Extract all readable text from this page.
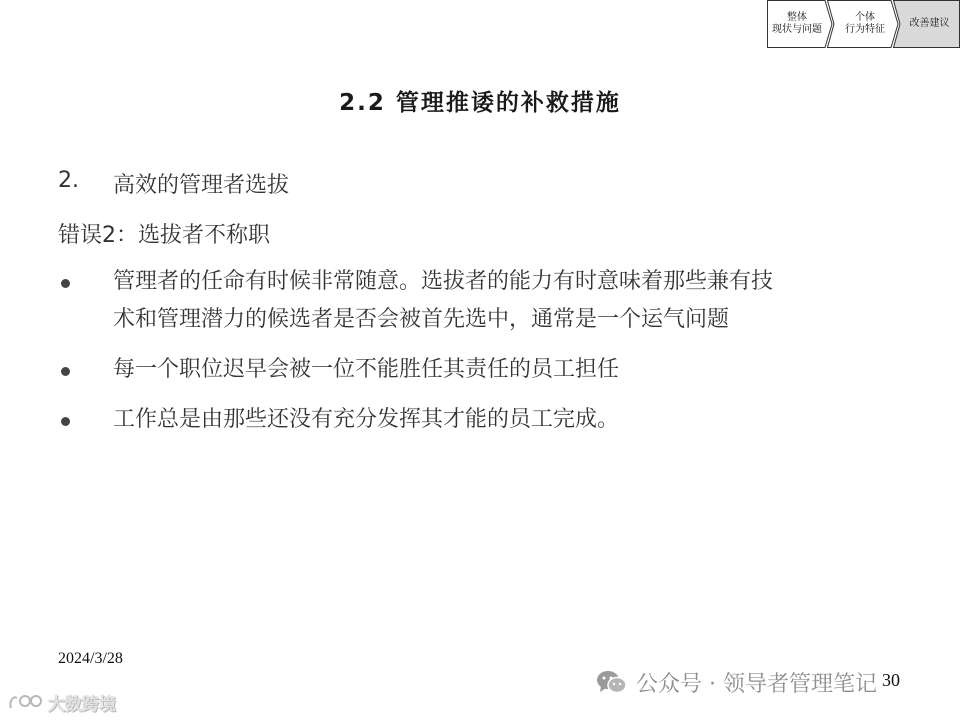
整体
现状与问题
个体
行为特征
改善建议
2.2 管理推诿的补救措施
2. 高效的管理者选拔
错误2：选拔者不称职
管理者的任命有时候非常随意。选拔者的能力有时意味着那些兼有技
术和管理潜力的候选者是否会被首先选中，通常是一个运气问题
每一个职位迟早会被一位不能胜任其责任的员工担任
工作总是由那些还没有充分发挥其才能的员工完成。
2024/3/28
公众号 · 领导者管理笔记 30
大数跨境
